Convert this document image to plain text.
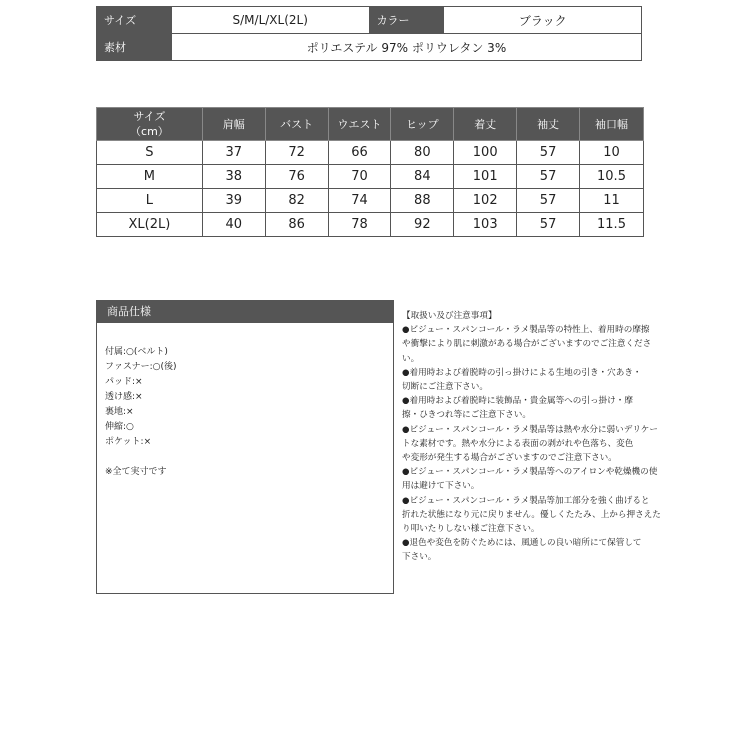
サイズ	S/M/L/XL(2L)	カラー	ブラック
素材	ポリエステル 97% ポリウレタン 3%		
サイズ
（cm）	肩幅	バスト	ウエスト	ヒップ	着丈	袖丈	袖口幅
S	37	72	66	80	100	57	10
M	38	76	70	84	101	57	10.5
L	39	82	74	88	102	57	11
XL(2L)	40	86	78	92	103	57	11.5
商品仕様
付属:○(ベルト)
ファスナー:○(後)
パッド:×
透け感:×
裏地:×
伸縮:○
ポケット:×
※全て実寸です
【取扱い及び注意事項】
●ビジュー・スパンコール・ラメ製品等の特性上、着用時の摩擦
や衝撃により肌に刺激がある場合がございますのでご注意くださ
い。
●着用時および着脱時の引っ掛けによる生地の引き・穴あき・
切断にご注意下さい。
●着用時および着脱時に装飾品・貴金属等への引っ掛け・摩
擦・ひきつれ等にご注意下さい。
●ビジュー・スパンコール・ラメ製品等は熱や水分に弱いデリケー
トな素材です。熱や水分による表面の剥がれや色落ち、変色
や変形が発生する場合がございますのでご注意下さい。
●ビジュー・スパンコール・ラメ製品等へのアイロンや乾燥機の使
用は避けて下さい。
●ビジュー・スパンコール・ラメ製品等加工部分を強く曲げると
折れた状態になり元に戻りません。優しくたたみ、上から押さえた
り叩いたりしない様ご注意下さい。
●退色や変色を防ぐためには、風通しの良い暗所にて保管して
下さい。
